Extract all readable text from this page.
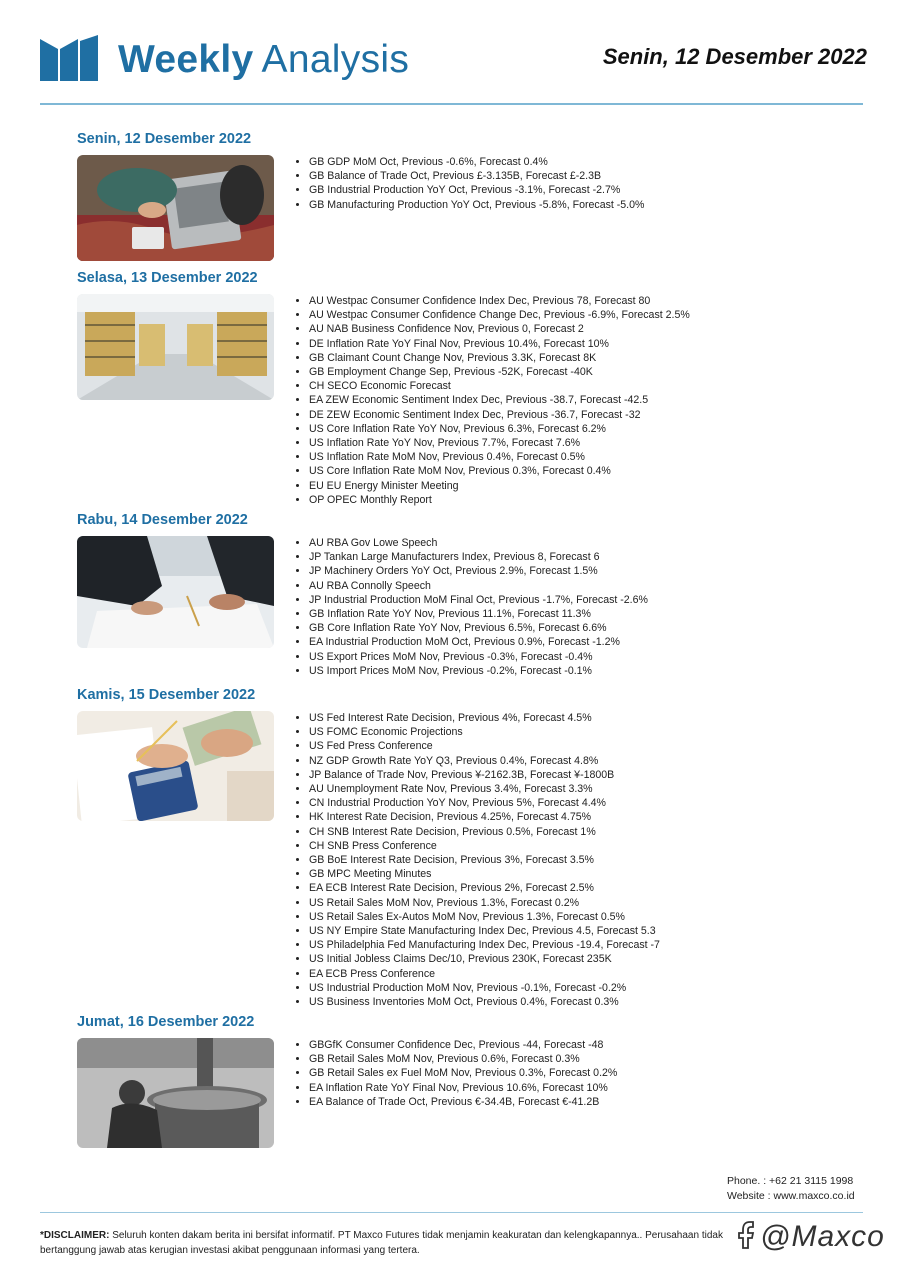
Weekly Analysis	Senin, 12 Desember 2022
Senin, 12 Desember 2022
• GB GDP MoM Oct, Previous -0.6%, Forecast 0.4%
• GB Balance of Trade Oct, Previous £-3.135B, Forecast £-2.3B
• GB Industrial Production YoY Oct, Previous -3.1%, Forecast -2.7%
• GB Manufacturing Production YoY Oct, Previous -5.8%, Forecast -5.0%
Selasa, 13 Desember 2022
• AU Westpac Consumer Confidence Index Dec, Previous 78, Forecast 80
• AU Westpac Consumer Confidence Change Dec, Previous -6.9%, Forecast 2.5%
• AU NAB Business Confidence Nov, Previous 0, Forecast 2
• DE Inflation Rate YoY Final Nov, Previous 10.4%, Forecast 10%
• GB Claimant Count Change Nov, Previous 3.3K, Forecast 8K
• GB Employment Change Sep, Previous -52K, Forecast -40K
• CH SECO Economic Forecast
• EA ZEW Economic Sentiment Index Dec, Previous -38.7, Forecast -42.5
• DE ZEW Economic Sentiment Index Dec, Previous -36.7, Forecast -32
• US Core Inflation Rate YoY Nov, Previous 6.3%, Forecast 6.2%
• US Inflation Rate YoY Nov, Previous 7.7%, Forecast 7.6%
• US Inflation Rate MoM Nov, Previous 0.4%, Forecast 0.5%
• US Core Inflation Rate MoM Nov, Previous 0.3%, Forecast 0.4%
• EU EU Energy Minister Meeting
• OP OPEC Monthly Report
Rabu, 14 Desember 2022
• AU RBA Gov Lowe Speech
• JP Tankan Large Manufacturers Index, Previous 8, Forecast 6
• JP Machinery Orders YoY Oct, Previous 2.9%, Forecast 1.5%
• AU RBA Connolly Speech
• JP Industrial Production MoM Final Oct, Previous -1.7%, Forecast -2.6%
• GB Inflation Rate YoY Nov, Previous 11.1%, Forecast 11.3%
• GB Core Inflation Rate YoY Nov, Previous 6.5%, Forecast 6.6%
• EA Industrial Production MoM Oct, Previous 0.9%, Forecast -1.2%
• US Export Prices MoM Nov, Previous -0.3%, Forecast -0.4%
• US Import Prices MoM Nov, Previous -0.2%, Forecast -0.1%
Kamis, 15 Desember 2022
• US Fed Interest Rate Decision, Previous 4%, Forecast 4.5%
• US FOMC Economic Projections
• US Fed Press Conference
• NZ GDP Growth Rate YoY Q3, Previous 0.4%, Forecast 4.8%
• JP Balance of Trade Nov, Previous ¥-2162.3B, Forecast ¥-1800B
• AU Unemployment Rate Nov, Previous 3.4%, Forecast 3.3%
• CN Industrial Production YoY Nov, Previous 5%, Forecast 4.4%
• HK Interest Rate Decision, Previous 4.25%, Forecast 4.75%
• CH SNB Interest Rate Decision, Previous 0.5%, Forecast 1%
• CH SNB Press Conference
• GB BoE Interest Rate Decision, Previous 3%, Forecast 3.5%
• GB MPC Meeting Minutes
• EA ECB Interest Rate Decision, Previous 2%, Forecast 2.5%
• US Retail Sales MoM Nov, Previous 1.3%, Forecast 0.2%
• US Retail Sales Ex-Autos MoM Nov, Previous 1.3%, Forecast 0.5%
• US NY Empire State Manufacturing Index Dec, Previous 4.5, Forecast 5.3
• US Philadelphia Fed Manufacturing Index Dec, Previous -19.4, Forecast -7
• US Initial Jobless Claims Dec/10, Previous 230K, Forecast 235K
• EA ECB Press Conference
• US Industrial Production MoM Nov, Previous -0.1%, Forecast -0.2%
• US Business Inventories MoM Oct, Previous 0.4%, Forecast 0.3%
Jumat, 16 Desember 2022
• GBGfK Consumer Confidence Dec, Previous -44, Forecast -48
• GB Retail Sales MoM Nov, Previous 0.6%, Forecast 0.3%
• GB Retail Sales ex Fuel MoM Nov, Previous 0.3%, Forecast 0.2%
• EA Inflation Rate YoY Final Nov, Previous 10.6%, Forecast 10%
• EA Balance of Trade Oct, Previous €-34.4B, Forecast €-41.2B
Phone. : +62 21 3115 1998
Website : www.maxco.co.id
*DISCLAIMER: Seluruh konten dakam berita ini bersifat informatif. PT Maxco Futures tidak menjamin keakuratan dan kelengkapannya.. Perusahaan tidak bertanggung jawab atas kerugian investasi akibat penggunaan informasi yang tertera.	@Maxco
